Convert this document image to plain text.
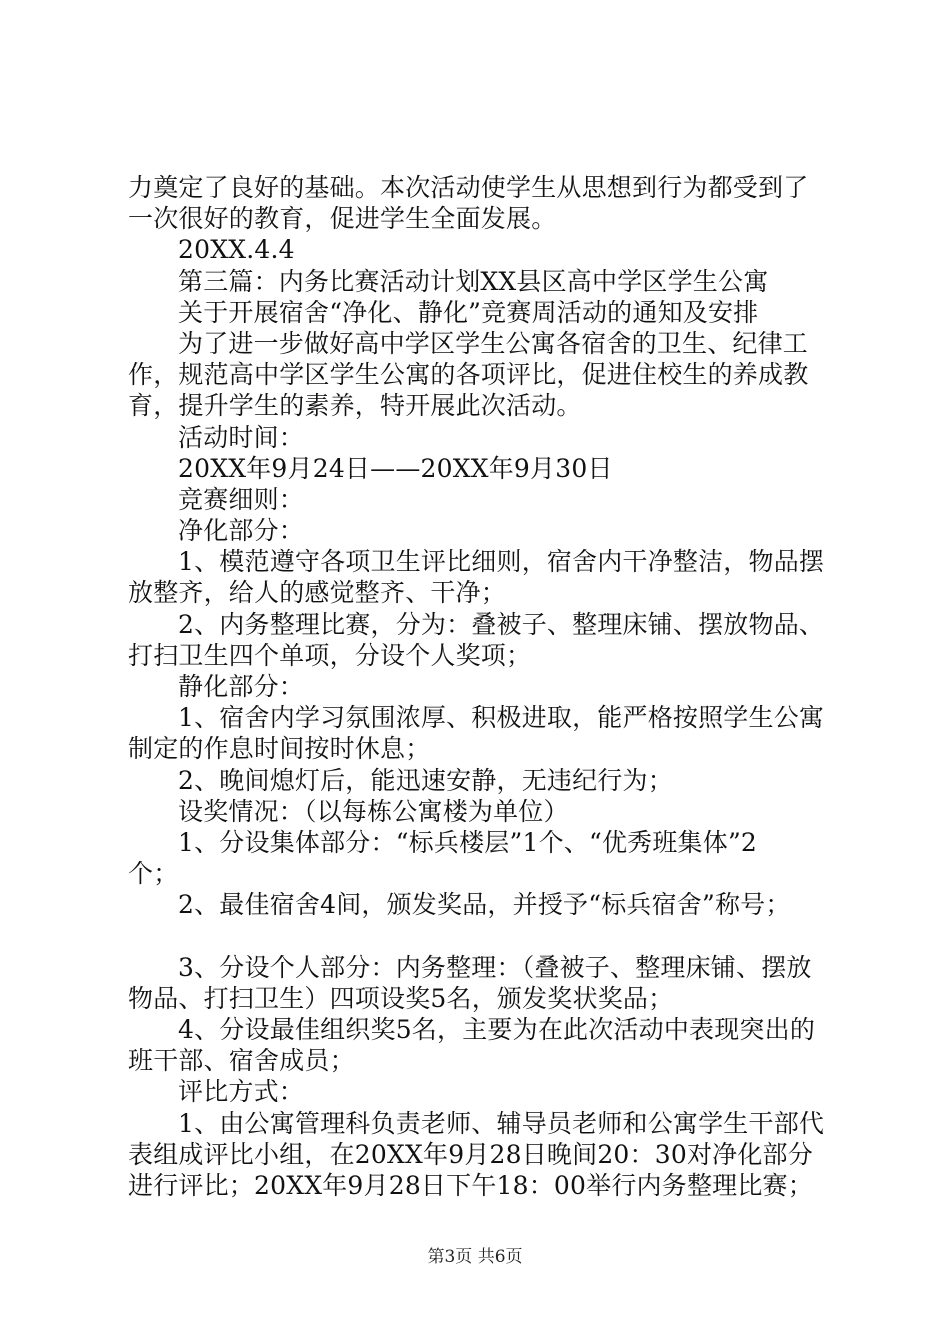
力奠定了良好的基础。本次活动使学生从思想到行为都受到了
一次很好的教育，促进学生全面发展。
20XX.4.4
第三篇：内务比赛活动计划XX县区高中学区学生公寓
关于开展宿舍“净化、静化”竞赛周活动的通知及安排
为了进一步做好高中学区学生公寓各宿舍的卫生、纪律工
作，规范高中学区学生公寓的各项评比，促进住校生的养成教
育，提升学生的素养，特开展此次活动。
活动时间：
20XX年9月24日——20XX年9月30日
竞赛细则：
净化部分：
1、模范遵守各项卫生评比细则，宿舍内干净整洁，物品摆
放整齐，给人的感觉整齐、干净；
2、内务整理比赛，分为：叠被子、整理床铺、摆放物品、
打扫卫生四个单项，分设个人奖项；
静化部分：
1、宿舍内学习氛围浓厚、积极进取，能严格按照学生公寓
制定的作息时间按时休息；
2、晚间熄灯后，能迅速安静，无违纪行为；
设奖情况：（以每栋公寓楼为单位）
1、分设集体部分：“标兵楼层”1个、“优秀班集体”2
个；
2、最佳宿舍4间，颁发奖品，并授予“标兵宿舍”称号；
3、分设个人部分：内务整理：（叠被子、整理床铺、摆放
物品、打扫卫生）四项设奖5名，颁发奖状奖品；
4、分设最佳组织奖5名，主要为在此次活动中表现突出的
班干部、宿舍成员；
评比方式：
1、由公寓管理科负责老师、辅导员老师和公寓学生干部代
表组成评比小组，在20XX年9月28日晚间20：30对净化部分
进行评比；20XX年9月28日下午18：00举行内务整理比赛；
第3页 共6页
